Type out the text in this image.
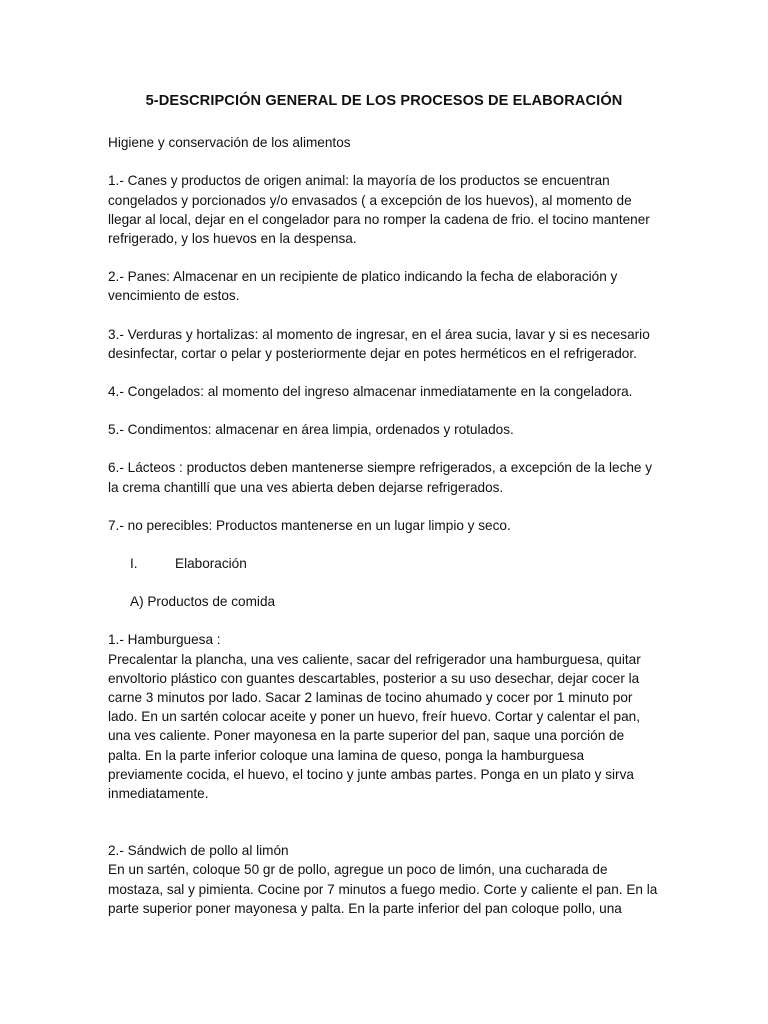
5-DESCRIPCIÓN GENERAL DE LOS PROCESOS DE ELABORACIÓN

Higiene y conservación de los alimentos

1.- Canes y productos de origen animal: la mayoría de los productos se encuentran congelados y porcionados y/o envasados ( a excepción de los huevos), al momento de llegar al local, dejar en el congelador para no romper la cadena de frio. el tocino mantener refrigerado, y los huevos en la despensa.

2.- Panes: Almacenar en un recipiente de platico indicando la fecha de elaboración y vencimiento de estos.

3.- Verduras y hortalizas: al momento de ingresar, en el área sucia, lavar y si es necesario desinfectar, cortar o pelar y posteriormente dejar en potes herméticos en el refrigerador.

4.- Congelados: al momento del ingreso almacenar inmediatamente en la congeladora.

5.- Condimentos: almacenar en área limpia, ordenados y rotulados.

6.- Lácteos : productos deben mantenerse siempre refrigerados, a excepción de la leche y la crema chantillí que una ves abierta deben dejarse refrigerados.

7.- no perecibles: Productos mantenerse en un lugar limpio y seco.

I.	Elaboración
A) Productos de comida

1.- Hamburguesa :

Precalentar la plancha, una ves caliente, sacar del refrigerador una hamburguesa, quitar envoltorio plástico con guantes descartables, posterior a su uso desechar, dejar cocer la carne 3 minutos por lado. Sacar 2 laminas de tocino ahumado y cocer por 1 minuto por lado. En un sartén colocar aceite y poner un huevo, freír huevo. Cortar y calentar el pan, una ves caliente. Poner mayonesa en la parte superior del pan, saque una porción de palta. En la parte inferior coloque una lamina de queso, ponga la hamburguesa previamente cocida, el huevo, el tocino y junte ambas partes. Ponga en un plato y sirva inmediatamente.

2.- Sándwich de pollo al limón

En un sartén, coloque 50 gr de pollo, agregue un poco de limón, una cucharada de mostaza, sal y pimienta. Cocine por 7 minutos a fuego medio. Corte y caliente el pan. En la parte superior poner mayonesa y palta. En la parte inferior del pan coloque pollo, una
